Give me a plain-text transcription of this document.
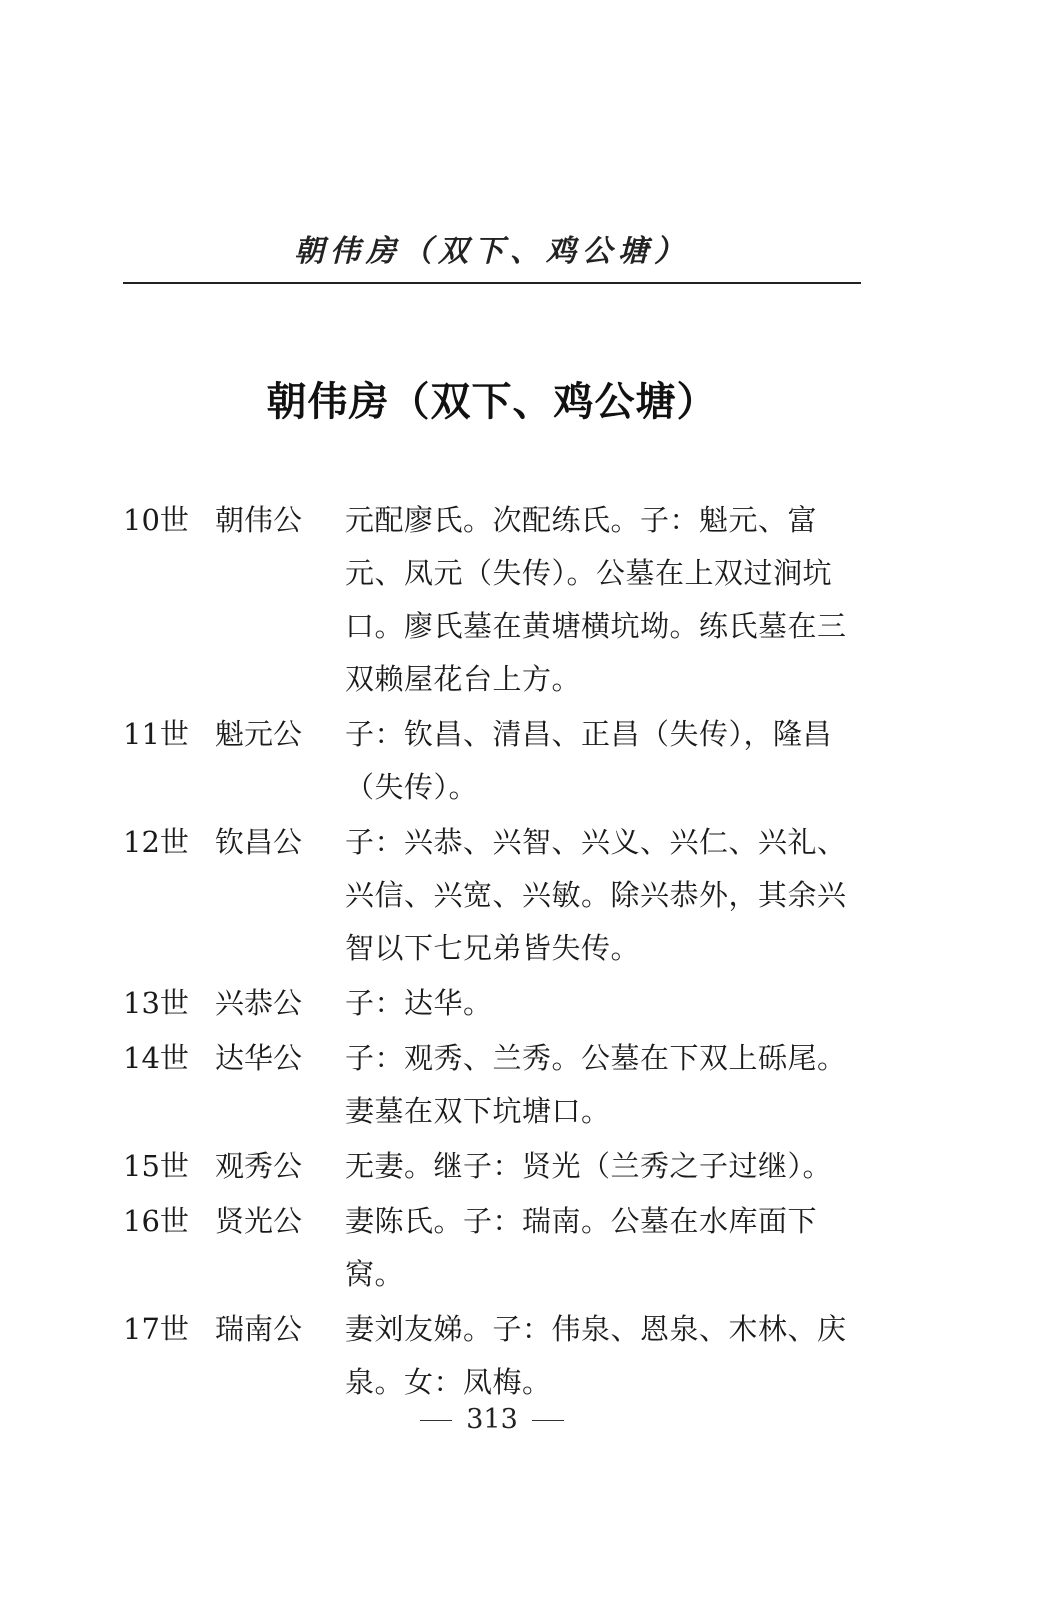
朝伟房（双下、鸡公塘）
朝伟房（双下、鸡公塘）
10世 朝伟公	元配廖氏。次配练氏。子：魁元、富元、凤元（失传）。公墓在上双过涧坑口。廖氏墓在黄塘横坑坳。练氏墓在三双赖屋花台上方。
11世 魁元公	子：钦昌、清昌、正昌（失传），隆昌（失传）。
12世 钦昌公	子：兴恭、兴智、兴义、兴仁、兴礼、兴信、兴宽、兴敏。除兴恭外，其余兴智以下七兄弟皆失传。
13世 兴恭公	子：达华。
14世 达华公	子：观秀、兰秀。公墓在下双上砾尾。妻墓在双下坑塘口。
15世 观秀公	无妻。继子：贤光（兰秀之子过继）。
16世 贤光公	妻陈氏。子：瑞南。公墓在水库面下窝。
17世 瑞南公	妻刘友娣。子：伟泉、恩泉、木林、庆泉。女：凤梅。
313
